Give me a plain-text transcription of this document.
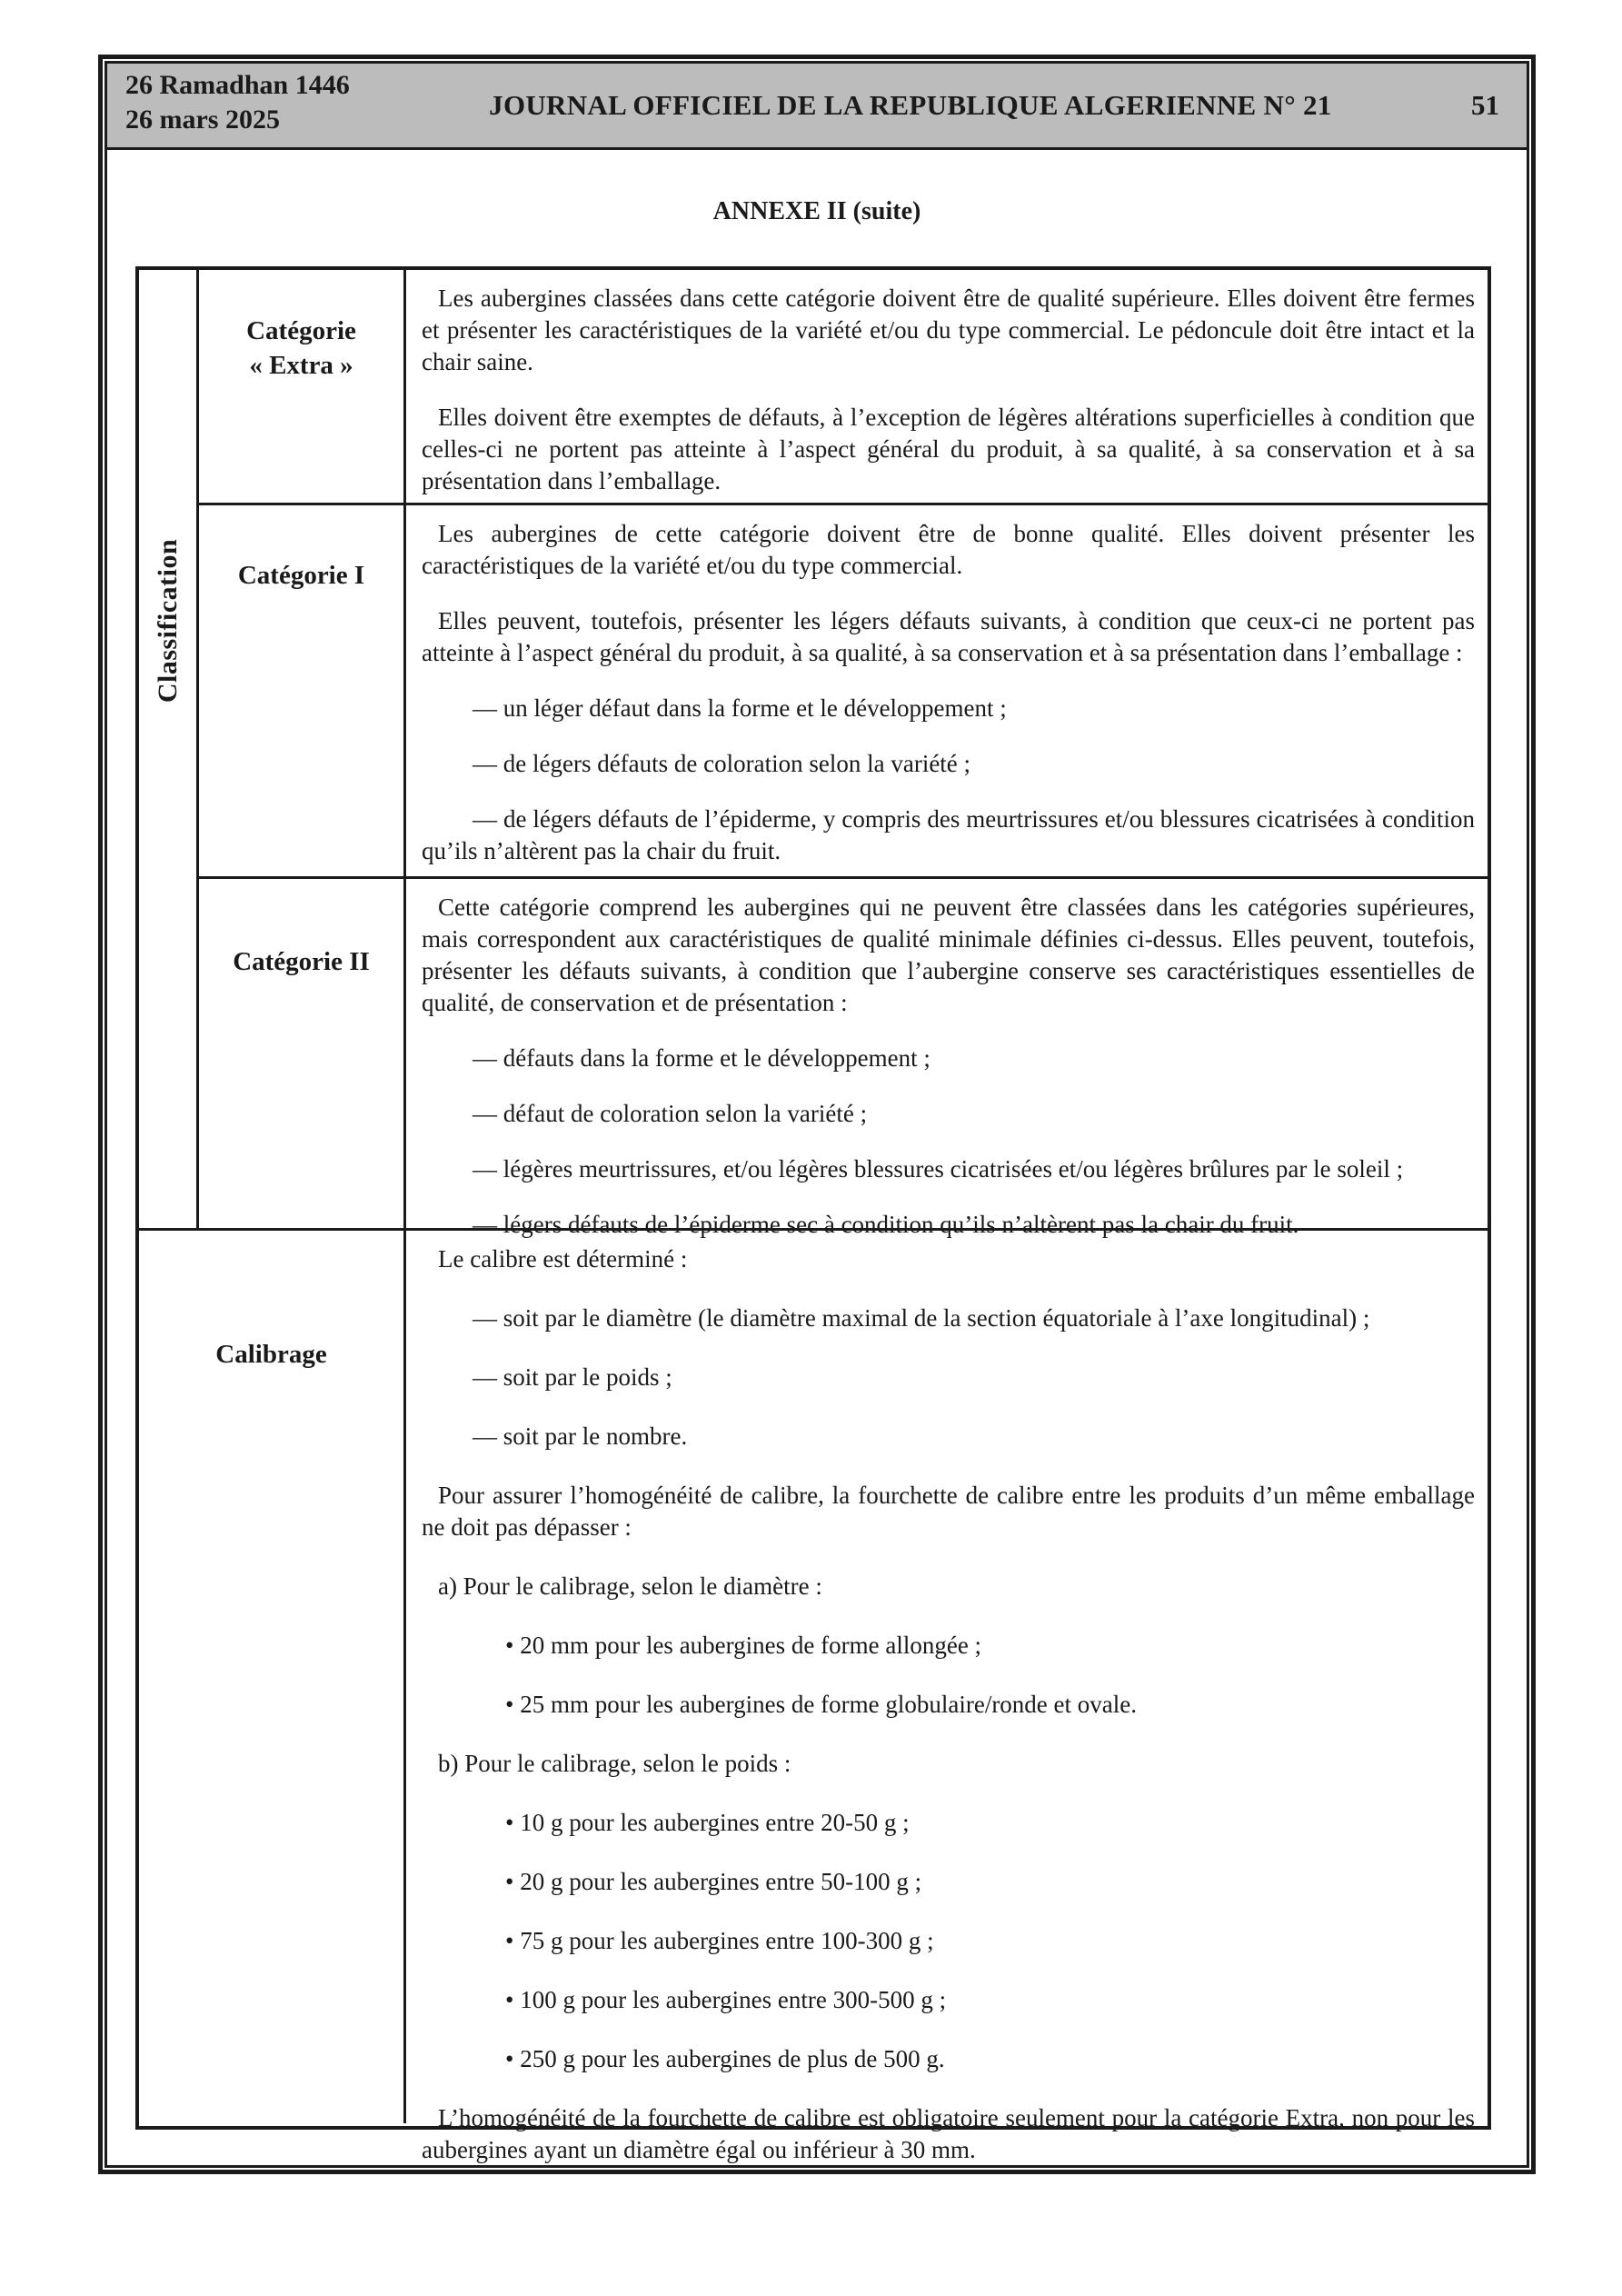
26 Ramadhan 1446
26 mars 2025	JOURNAL OFFICIEL DE LA REPUBLIQUE ALGERIENNE N° 21	51
ANNEXE II (suite)
Classification
Catégorie
« Extra »

Les aubergines classées dans cette catégorie doivent être de qualité supérieure. Elles doivent être fermes et présenter les caractéristiques de la variété et/ou du type commercial. Le pédoncule doit être intact et la chair saine.

Elles doivent être exemptes de défauts, à l’exception de légères altérations superficielles à condition que celles-ci ne portent pas atteinte à l’aspect général du produit, à sa qualité, à sa conservation et à sa présentation dans l’emballage.

Catégorie I

Les aubergines de cette catégorie doivent être de bonne qualité. Elles doivent présenter les caractéristiques de la variété et/ou du type commercial.

Elles peuvent, toutefois, présenter les légers défauts suivants, à condition que ceux-ci ne portent pas atteinte à l’aspect général du produit, à sa qualité, à sa conservation et à sa présentation dans l’emballage :

— un léger défaut dans la forme et le développement ;

— de légers défauts de coloration selon la variété ;

— de légers défauts de l’épiderme, y compris des meurtrissures et/ou blessures cicatrisées à condition qu’ils n’altèrent pas la chair du fruit.

Catégorie II

Cette catégorie comprend les aubergines qui ne peuvent être classées dans les catégories supérieures, mais correspondent aux caractéristiques de qualité minimale définies ci-dessus. Elles peuvent, toutefois, présenter les défauts suivants, à condition que l’aubergine conserve ses caractéristiques essentielles de qualité, de conservation et de présentation :

— défauts dans la forme et le développement ;

— défaut de coloration selon la variété ;

— légères meurtrissures, et/ou légères blessures cicatrisées et/ou légères brûlures par le soleil ;

— légers défauts de l’épiderme sec à condition qu’ils n’altèrent pas la chair du fruit.

Calibrage

Le calibre est déterminé :

— soit par le diamètre (le diamètre maximal de la section équatoriale à l’axe longitudinal) ;

— soit par le poids ;

— soit par le nombre.

Pour assurer l’homogénéité de calibre, la fourchette de calibre entre les produits d’un même emballage ne doit pas dépasser :

a) Pour le calibrage, selon le diamètre :

• 20 mm pour les aubergines de forme allongée ;

• 25 mm pour les aubergines de forme globulaire/ronde et ovale.

b) Pour le calibrage, selon le poids :

• 10 g pour les aubergines entre 20-50 g ;

• 20 g pour les aubergines entre 50-100 g ;

• 75 g pour les aubergines entre 100-300 g ;

• 100 g pour les aubergines entre 300-500 g ;

• 250 g pour les aubergines de plus de 500 g.

L’homogénéité de la fourchette de calibre est obligatoire seulement pour la catégorie Extra, non pour les aubergines ayant un diamètre égal ou inférieur à 30 mm.
